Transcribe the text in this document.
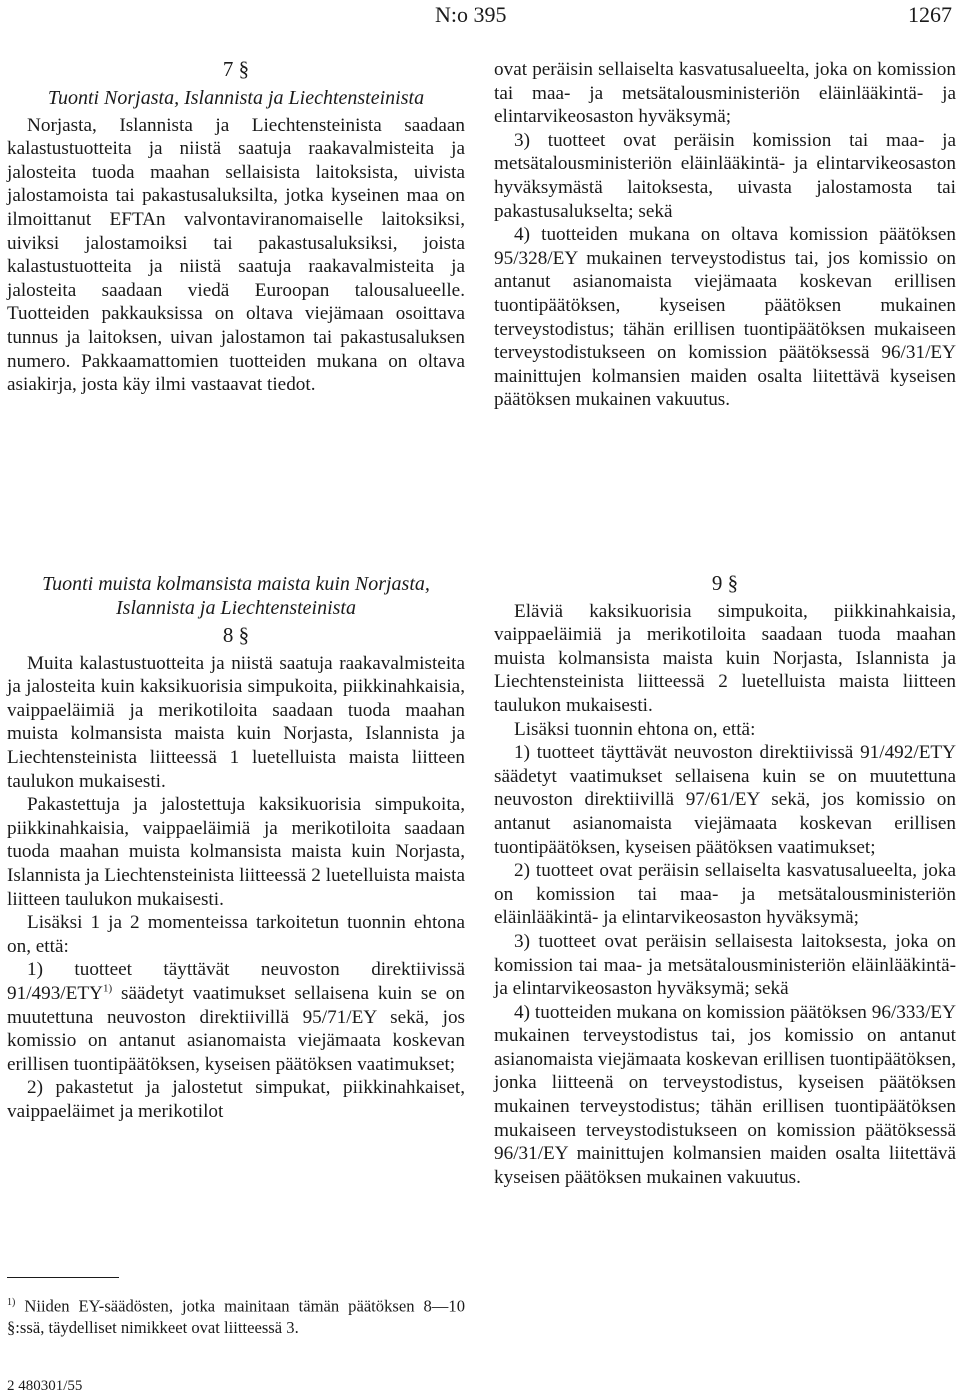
N:o 395	1267
7 §
Tuonti Norjasta, Islannista ja Liechtensteinista

Norjasta, Islannista ja Liechtensteinista saadaan kalastustuotteita ja niistä saatuja raakavalmisteita ja jalosteita tuoda maahan sellaisista laitoksista, uivista jalostamoista tai pakastusaluksilta, jotka kyseinen maa on ilmoittanut EFTAn valvontaviranomaiselle laitoksiksi, uiviksi jalostamoiksi tai pakastusaluksiksi, joista kalastustuotteita ja niistä saatuja raakavalmisteita ja jalosteita saadaan viedä Euroopan talousalueelle. Tuotteiden pakkauksissa on oltava viejämaan osoittava tunnus ja laitoksen, uivan jalostamon tai pakastusaluksen numero. Pakkaamattomien tuotteiden mukana on oltava asiakirja, josta käy ilmi vastaavat tiedot.

ovat peräisin sellaiselta kasvatusalueelta, joka on komission tai maa- ja metsätalousministeriön eläinlääkintä- ja elintarvikeosaston hyväksymä;

3) tuotteet ovat peräisin komission tai maa- ja metsätalousministeriön eläinlääkintä- ja elintarvikeosaston hyväksymästä laitoksesta, uivasta jalostamosta tai pakastusalukselta; sekä

4) tuotteiden mukana on oltava komission päätöksen 95/328/EY mukainen terveystodistus tai, jos komissio on antanut asianomaista viejämaata koskevan erillisen tuontipäätöksen, kyseisen päätöksen mukainen terveystodistus; tähän erillisen tuontipäätöksen mukaiseen terveystodistukseen on komission päätöksessä 96/31/EY mainittujen kolmansien maiden osalta liitettävä kyseisen päätöksen mukainen vakuutus.

Tuonti muista kolmansista maista kuin Norjasta, Islannista ja Liechtensteinista
8 §

Muita kalastustuotteita ja niistä saatuja raakavalmisteita ja jalosteita kuin kaksikuorisia simpukoita, piikkinahkaisia, vaippaeläimiä ja merikotiloita saadaan tuoda maahan muista kolmansista maista kuin Norjasta, Islannista ja Liechtensteinista liitteessä 1 luetelluista maista liitteen taulukon mukaisesti.

Pakastettuja ja jalostettuja kaksikuorisia simpukoita, piikkinahkaisia, vaippaeläimiä ja merikotiloita saadaan tuoda maahan muista kolmansista maista kuin Norjasta, Islannista ja Liechtensteinista liitteessä 2 luetelluista maista liitteen taulukon mukaisesti.

Lisäksi 1 ja 2 momenteissa tarkoitetun tuonnin ehtona on, että:

1) tuotteet täyttävät neuvoston direktiivissä 91/493/ETY$^{1)}$ säädetyt vaatimukset sellaisena kuin se on muutettuna neuvoston direktiivillä 95/71/EY sekä, jos komissio on antanut asianomaista viejämaata koskevan erillisen tuontipäätöksen, kyseisen päätöksen vaatimukset;

2) pakastetut ja jalostetut simpukat, piikkinahkaiset, vaippaeläimet ja merikotilot

9 §

Eläviä kaksikuorisia simpukoita, piikkinahkaisia, vaippaeläimiä ja merikotiloita saadaan tuoda maahan muista kolmansista maista kuin Norjasta, Islannista ja Liechtensteinista liitteessä 2 luetelluista maista liitteen taulukon mukaisesti.

Lisäksi tuonnin ehtona on, että:

1) tuotteet täyttävät neuvoston direktiivissä 91/492/ETY säädetyt vaatimukset sellaisena kuin se on muutettuna neuvoston direktiivillä 97/61/EY sekä, jos komissio on antanut asianomaista viejämaata koskevan erillisen tuontipäätöksen, kyseisen päätöksen vaatimukset;

2) tuotteet ovat peräisin sellaiselta kasvatusalueelta, joka on komission tai maa- ja metsätalousministeriön eläinlääkintä- ja elintarvikeosaston hyväksymä;

3) tuotteet ovat peräisin sellaisesta laitoksesta, joka on komission tai maa- ja metsätalousministeriön eläinlääkintä- ja elintarvikeosaston hyväksymä; sekä

4) tuotteiden mukana on komission päätöksen 96/333/EY mukainen terveystodistus tai, jos komissio on antanut asianomaista viejämaata koskevan erillisen tuontipäätöksen, jonka liitteenä on terveystodistus, kyseisen päätöksen mukainen terveystodistus; tähän erillisen tuontipäätöksen mukaiseen terveystodistukseen on komission päätöksessä 96/31/EY mainittujen kolmansien maiden osalta liitettävä kyseisen päätöksen mukainen vakuutus.

$^{1)}$ Niiden EY-säädösten, jotka mainitaan tämän päätöksen 8—10 §:ssä, täydelliset nimikkeet ovat liitteessä 3.
2 480301/55
